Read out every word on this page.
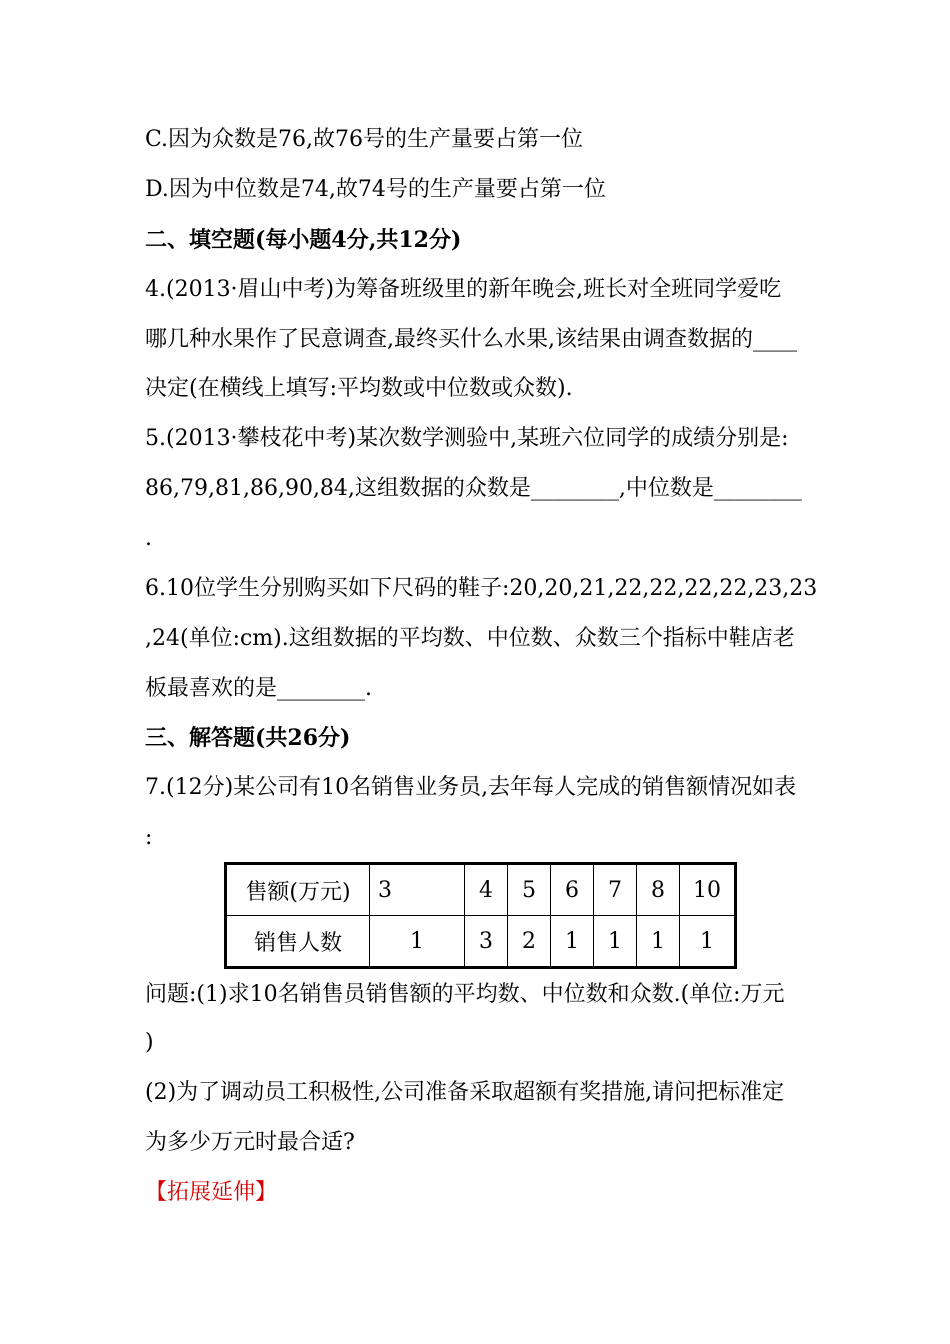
C.因为众数是76,故76号的生产量要占第一位
D.因为中位数是74,故74号的生产量要占第一位
二、填空题(每小题4分,共12分)
4.(2013·眉山中考)为筹备班级里的新年晚会,班长对全班同学爱吃
哪几种水果作了民意调查,最终买什么水果,该结果由调查数据的____
决定(在横线上填写:平均数或中位数或众数).
5.(2013·攀枝花中考)某次数学测验中,某班六位同学的成绩分别是:
86,79,81,86,90,84,这组数据的众数是________,中位数是________
.
6.10位学生分别购买如下尺码的鞋子:20,20,21,22,22,22,22,23,23
,24(单位:cm).这组数据的平均数、中位数、众数三个指标中鞋店老
板最喜欢的是________.
三、解答题(共26分)
7.(12分)某公司有10名销售业务员,去年每人完成的销售额情况如表
:
售额(万元)	3	4	5	6	7	8	10
销售人数	1	3	2	1	1	1	1
问题:(1)求10名销售员销售额的平均数、中位数和众数.(单位:万元
)
(2)为了调动员工积极性,公司准备采取超额有奖措施,请问把标准定
为多少万元时最合适?
【拓展延伸】
